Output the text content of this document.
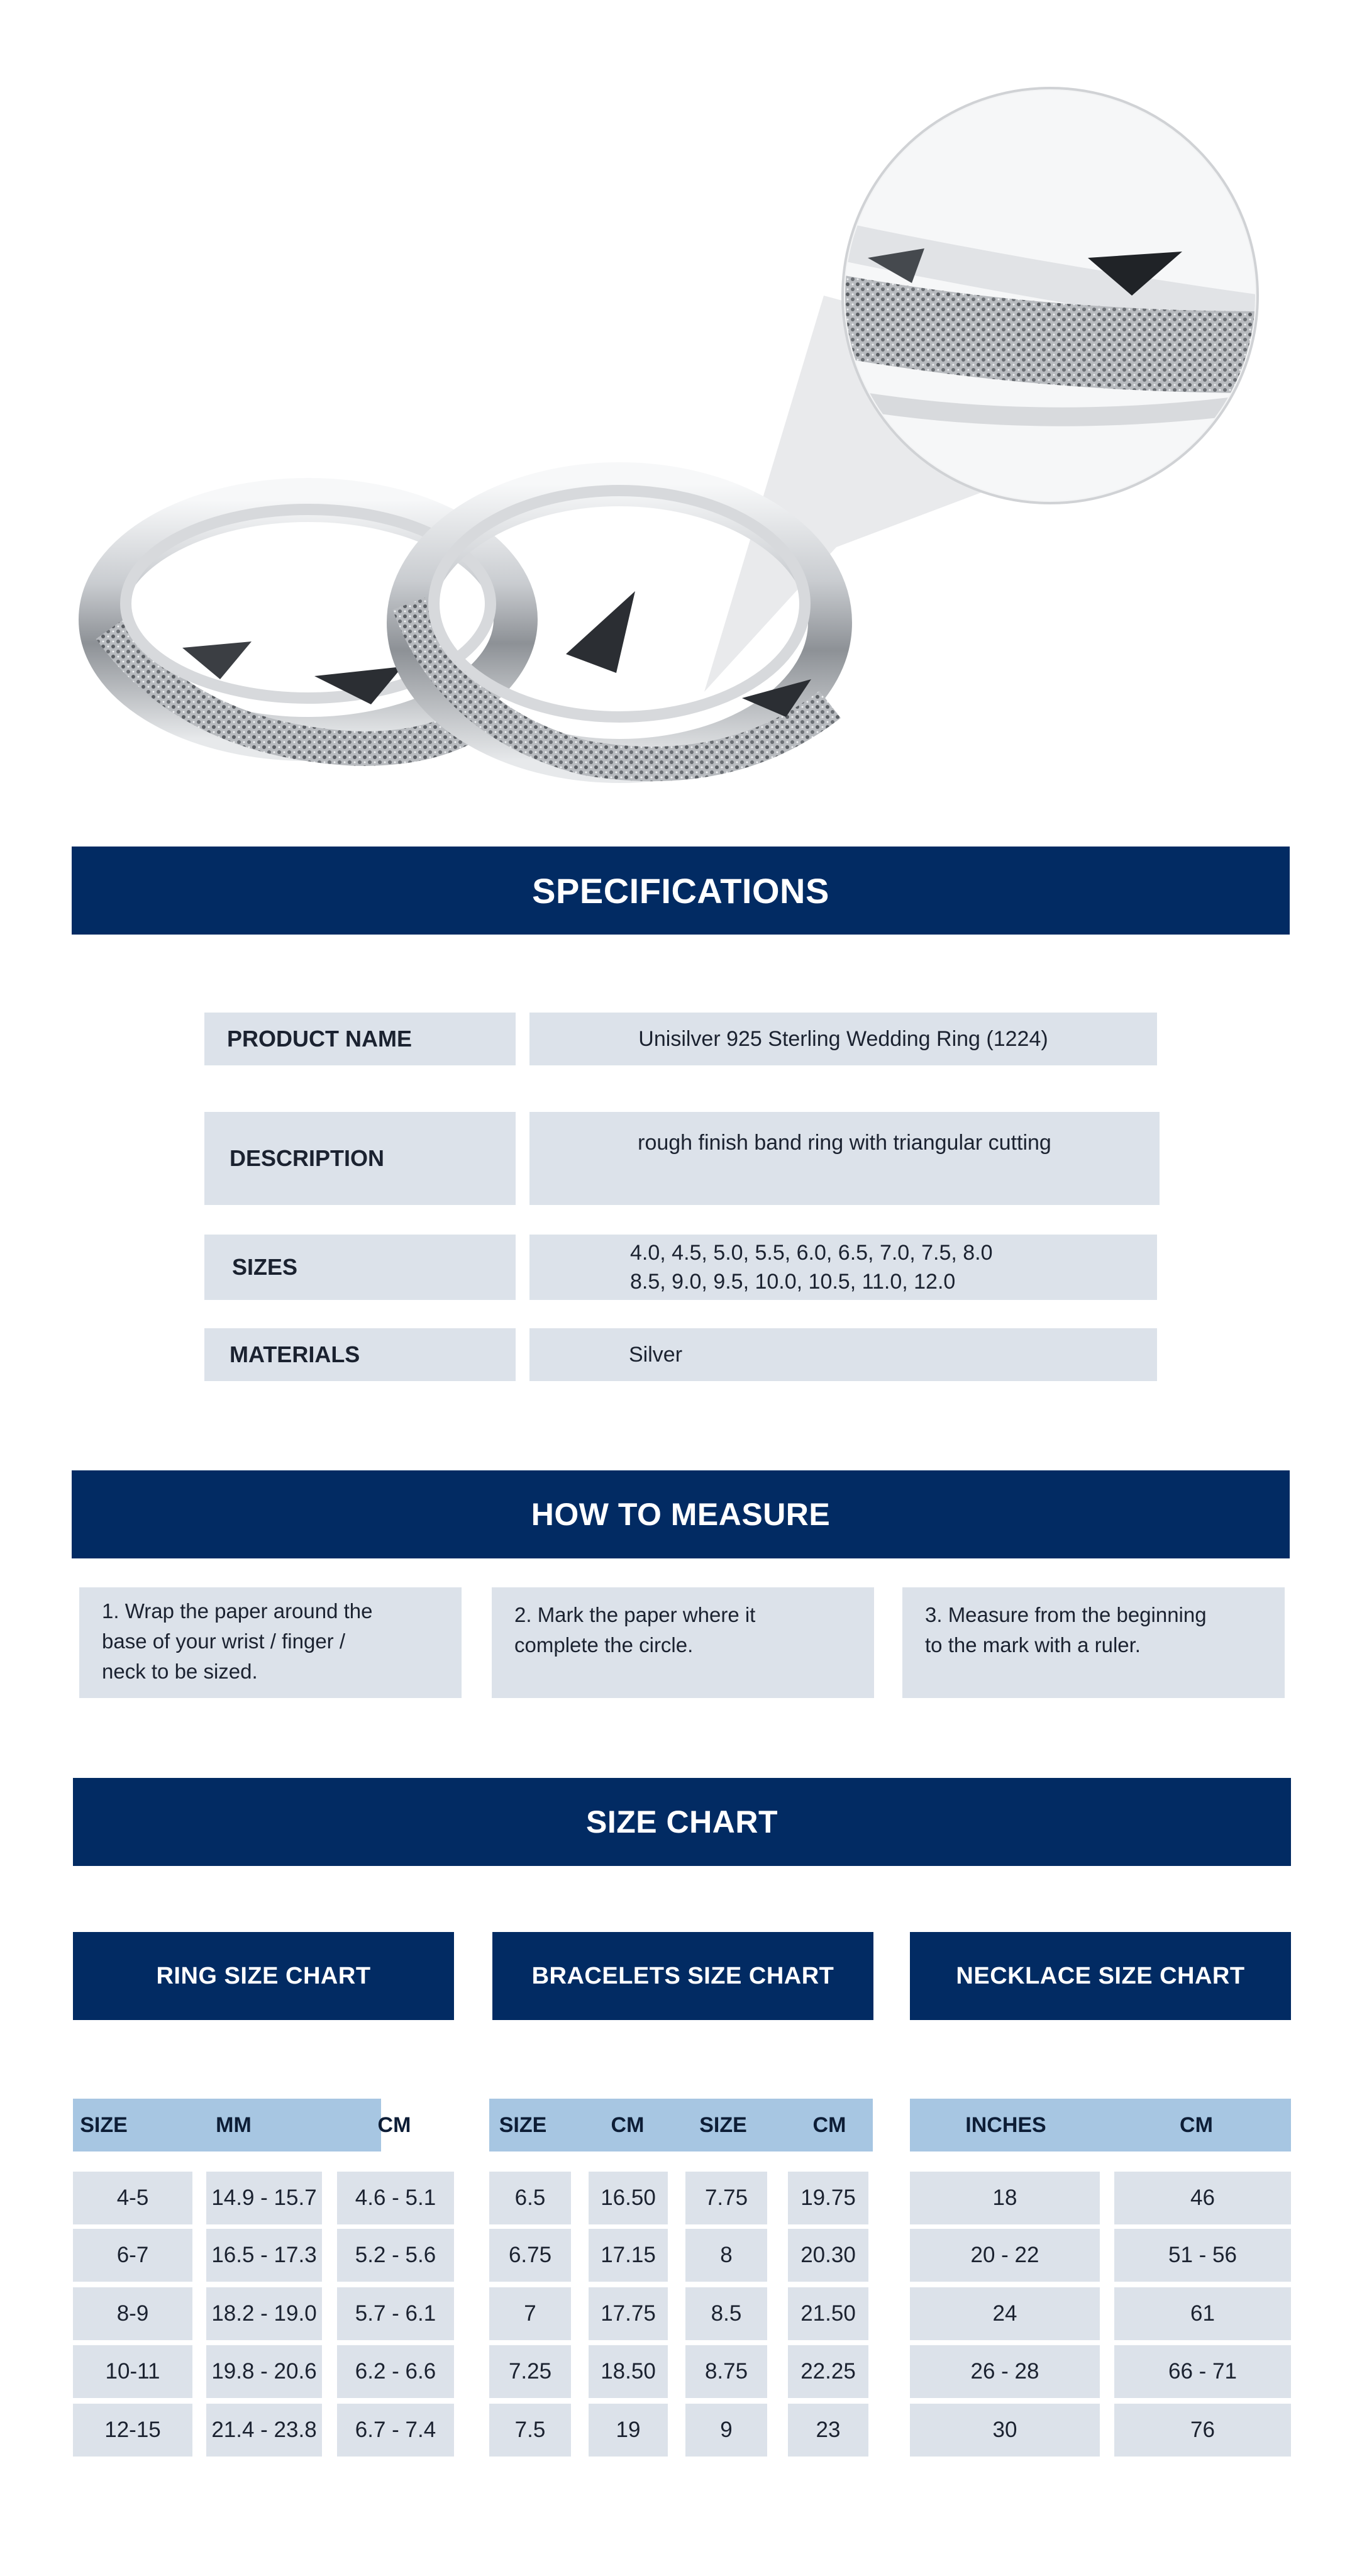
SPECIFICATIONS
PRODUCT NAME	Unisilver 925 Sterling Wedding Ring (1224)
DESCRIPTION
rough finish band ring with triangular cutting
SIZES
4.0, 4.5, 5.0, 5.5, 6.0, 6.5, 7.0, 7.5, 8.0
8.5, 9.0, 9.5, 10.0, 10.5, 11.0, 12.0
MATERIALS	Silver
HOW TO MEASURE
1. Wrap the paper around the
base of your wrist / finger /
neck to be sized.
2. Mark the paper where it
complete the circle.
3. Measure from the beginning
to the mark with a ruler.
SIZE CHART
RING SIZE CHART	BRACELETS SIZE CHART	NECKLACE SIZE CHART
SIZE	MM	CM
4-5	14.9 - 15.7	4.6 - 5.1
6-7	16.5 - 17.3	5.2 - 5.6
8-9	18.2 - 19.0	5.7 - 6.1
10-11	19.8 - 20.6	6.2 - 6.6
12-15	21.4 - 23.8	6.7 - 7.4
SIZE	CM	SIZE	CM
6.5	16.50	7.75	19.75
6.75	17.15	8	20.30
7	17.75	8.5	21.50
7.25	18.50	8.75	22.25
7.5	19	9	23
INCHES	CM
18	46
20 - 22	51 - 56
24	61
26 - 28	66 - 71
30	76
